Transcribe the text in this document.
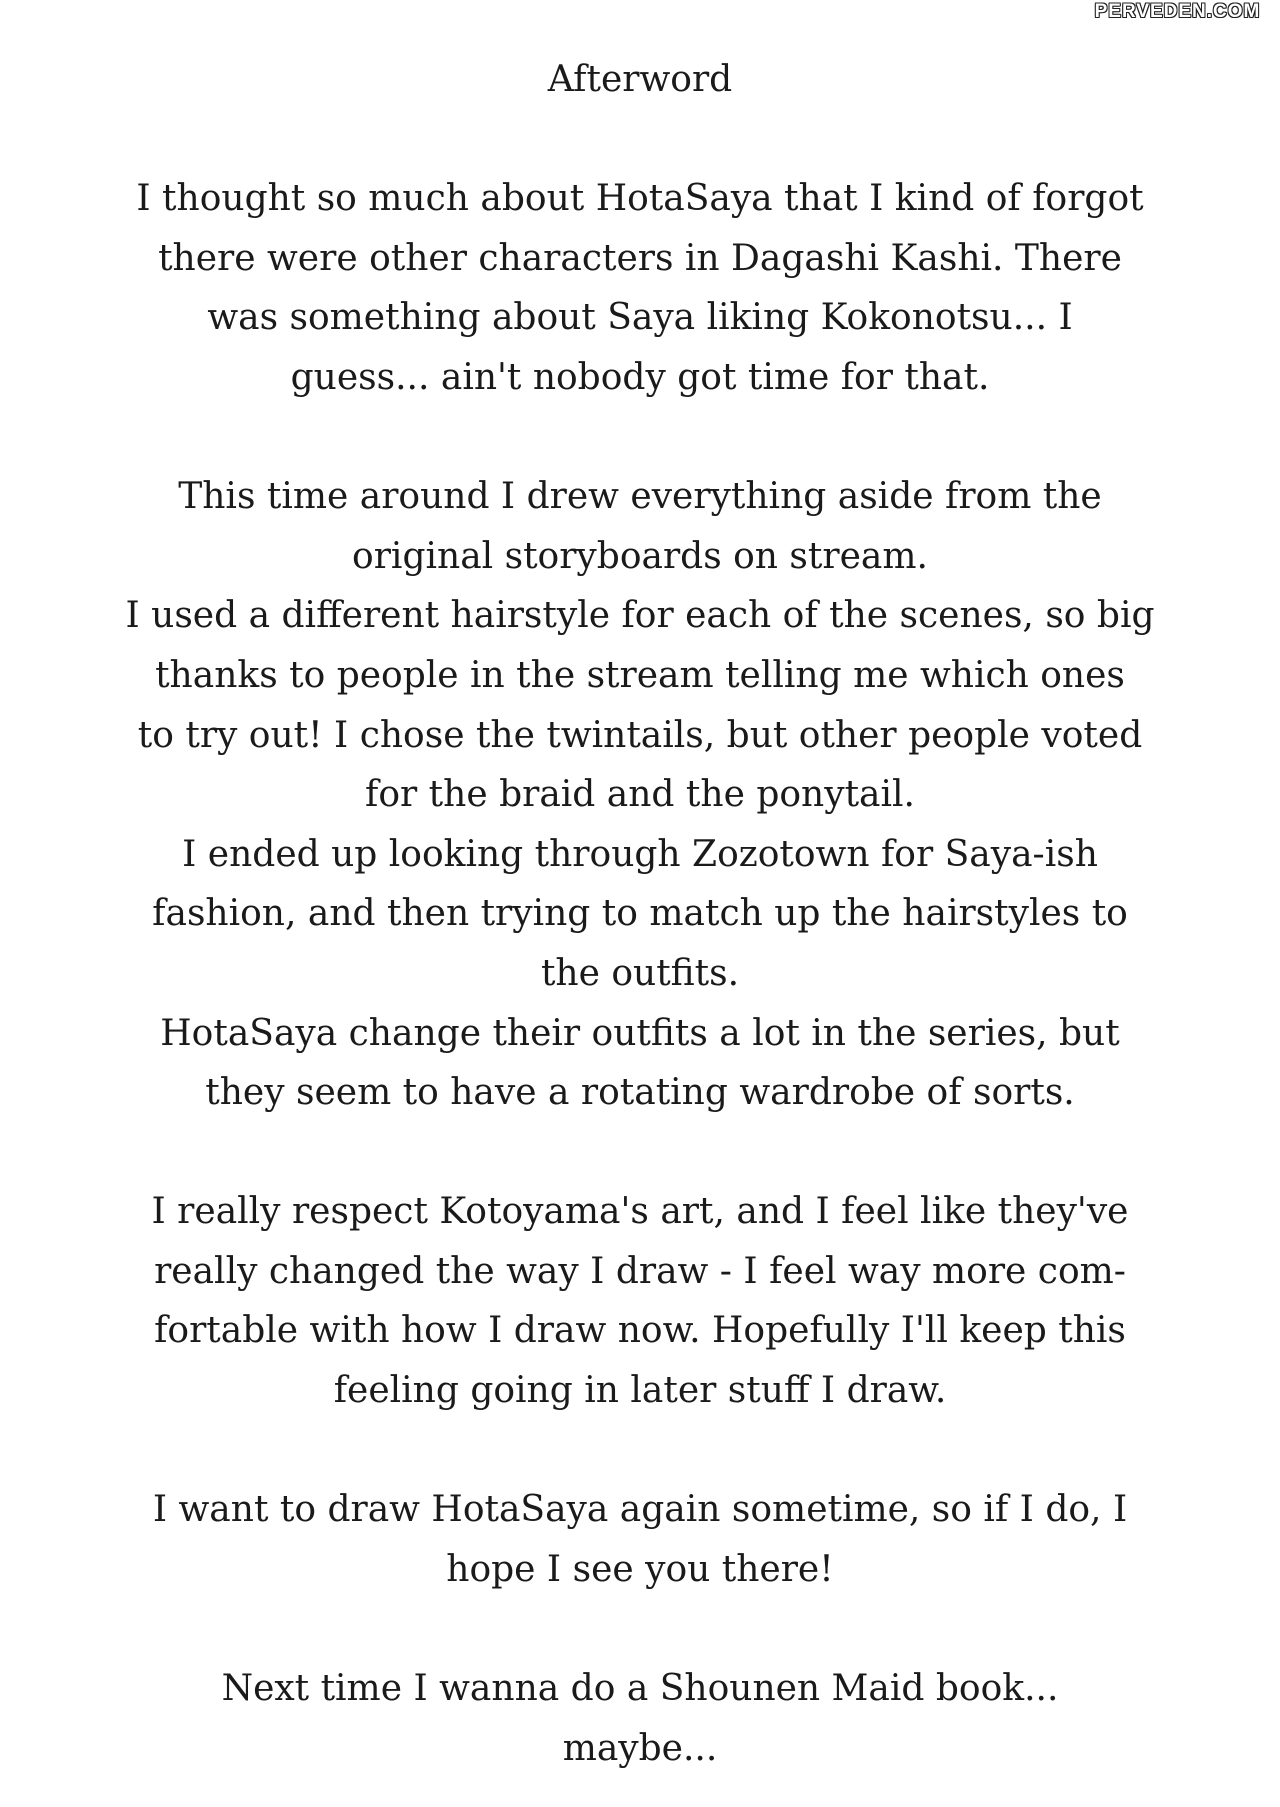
PERVEDEN.COM
Afterword
I thought so much about HotaSaya that I kind of forgot
there were other characters in Dagashi Kashi. There
was something about Saya liking Kokonotsu... I
guess... ain't nobody got time for that.
This time around I drew everything aside from the
original storyboards on stream.
I used a different hairstyle for each of the scenes, so big
thanks to people in the stream telling me which ones
to try out! I chose the twintails, but other people voted
for the braid and the ponytail.
I ended up looking through Zozotown for Saya-ish
fashion, and then trying to match up the hairstyles to
the outfits.
HotaSaya change their outfits a lot in the series, but
they seem to have a rotating wardrobe of sorts.
I really respect Kotoyama's art, and I feel like they've
really changed the way I draw - I feel way more com-
fortable with how I draw now. Hopefully I'll keep this
feeling going in later stuff I draw.
I want to draw HotaSaya again sometime, so if I do, I
hope I see you there!
Next time I wanna do a Shounen Maid book...
maybe...
